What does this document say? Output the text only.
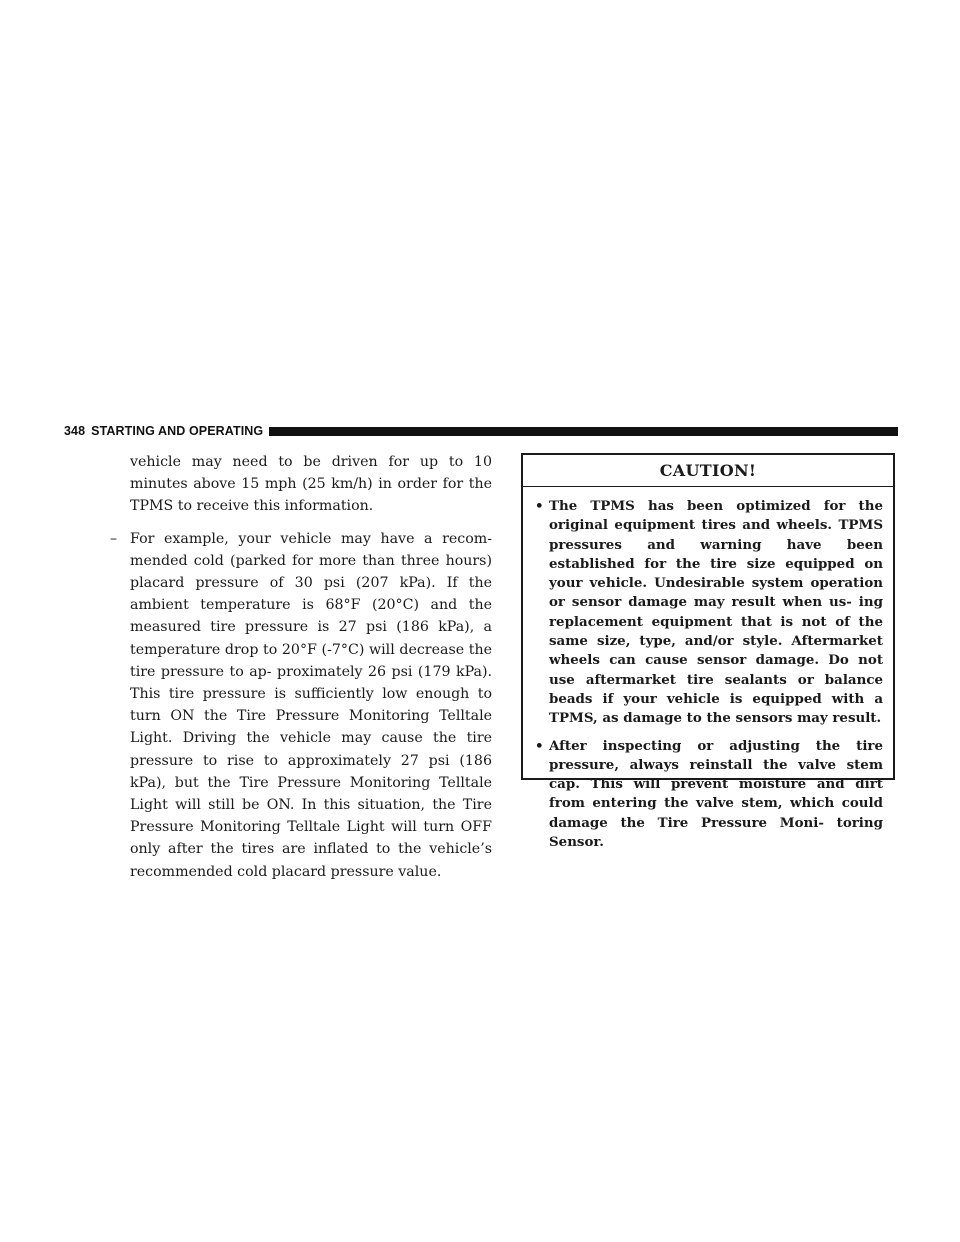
348 STARTING AND OPERATING

vehicle may need to be driven for up to 10 minutes above 15 mph (25 km/h) in order for the TPMS to receive this information.

– For example, your vehicle may have a recom- mended cold (parked for more than three hours) placard pressure of 30 psi (207 kPa). If the ambient temperature is 68°F (20°C) and the measured tire pressure is 27 psi (186 kPa), a temperature drop to 20°F (-7°C) will decrease the tire pressure to ap- proximately 26 psi (179 kPa). This tire pressure is sufficiently low enough to turn ON the Tire Pressure Monitoring Telltale Light. Driving the vehicle may cause the tire pressure to rise to approximately 27 psi (186 kPa), but the Tire Pressure Monitoring Telltale Light will still be ON. In this situation, the Tire Pressure Monitoring Telltale Light will turn OFF only after the tires are inflated to the vehicle’s recommended cold placard pressure value.

CAUTION!
• The TPMS has been optimized for the original equipment tires and wheels. TPMS pressures and warning have been established for the tire size equipped on your vehicle. Undesirable system operation or sensor damage may result when us- ing replacement equipment that is not of the same size, type, and/or style. Aftermarket wheels can cause sensor damage. Do not use aftermarket tire sealants or balance beads if your vehicle is equipped with a TPMS, as damage to the sensors may result.
• After inspecting or adjusting the tire pressure, always reinstall the valve stem cap. This will prevent moisture and dirt from entering the valve stem, which could damage the Tire Pressure Moni- toring Sensor.
